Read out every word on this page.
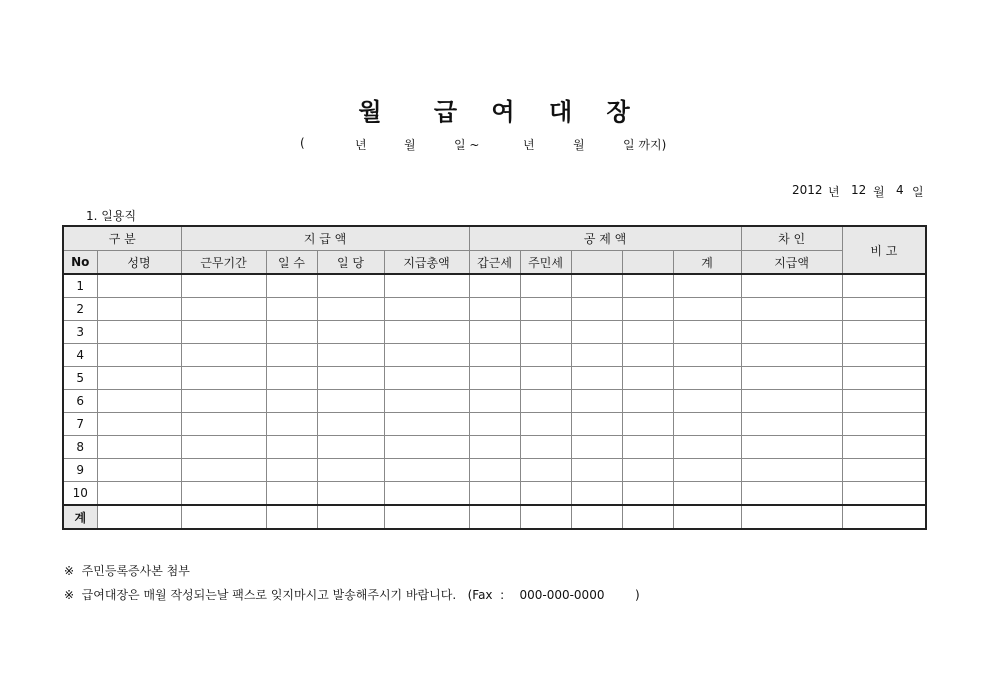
월 급 여 대 장
(	년	월	일 ~	년	월	일 까지)
2012 년 12 월 4 일
1. 일용직
구 분		지 급 액				공 제 액					차 인	비 고
No	성명	근무기간	일 수	일 당	지급총액	갑근세	주민세			계	지급액	
1												
2												
3												
4												
5												
6												
7												
8												
9												
10												
계												
※  주민등록증사본 첨부
※  급여대장은 매월 작성되는날 팩스로 잊지마시고 발송해주시기 바랍니다.   (Fax  :    000-000-0000        )
